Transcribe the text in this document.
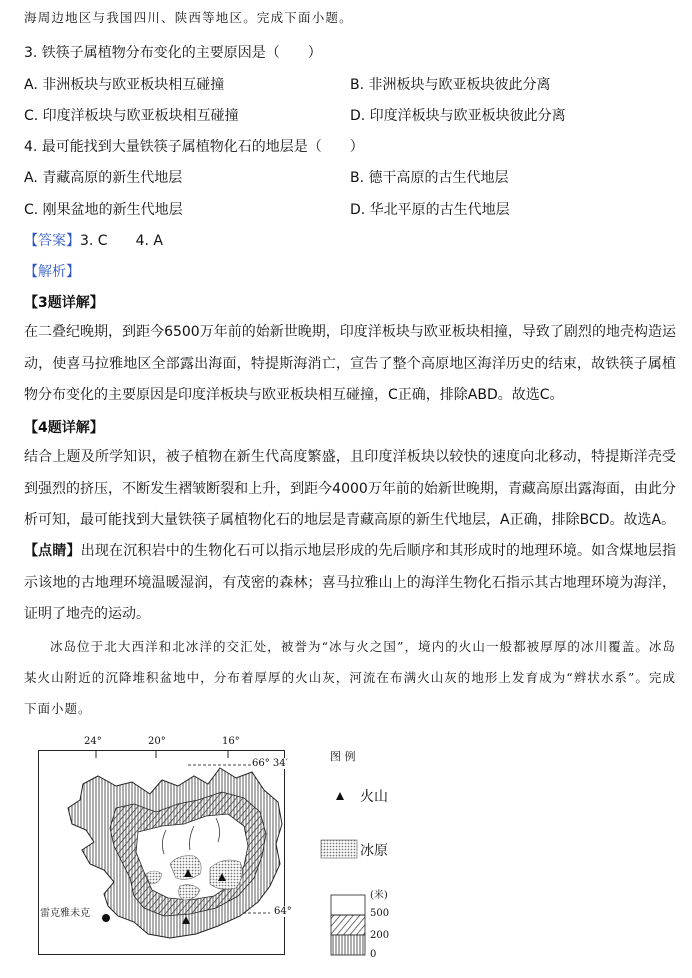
海周边地区与我国四川、陕西等地区。完成下面小题。
3. 铁筷子属植物分布变化的主要原因是（　　）
A. 非洲板块与欧亚板块相互碰撞	B. 非洲板块与欧亚板块彼此分离
C. 印度洋板块与欧亚板块相互碰撞	D. 印度洋板块与欧亚板块彼此分离
4. 最可能找到大量铁筷子属植物化石的地层是（　　）
A. 青藏高原的新生代地层	B. 德干高原的古生代地层
C. 刚果盆地的新生代地层	D. 华北平原的古生代地层
【答案】3. C　　4. A
【解析】
【3题详解】
在二叠纪晚期，到距今6500万年前的始新世晚期，印度洋板块与欧亚板块相撞，导致了剧烈的地壳构造运动，使喜马拉雅地区全部露出海面，特提斯海消亡，宣告了整个高原地区海洋历史的结束，故铁筷子属植物分布变化的主要原因是印度洋板块与欧亚板块相互碰撞，C正确，排除ABD。故选C。
【4题详解】
结合上题及所学知识，被子植物在新生代高度繁盛，且印度洋板块以较快的速度向北移动，特提斯洋壳受到强烈的挤压，不断发生褶皱断裂和上升，到距今4000万年前的始新世晚期，青藏高原出露海面，由此分析可知，最可能找到大量铁筷子属植物化石的地层是青藏高原的新生代地层，A正确，排除BCD。故选A。
【点睛】出现在沉积岩中的生物化石可以指示地层形成的先后顺序和其形成时的地理环境。如含煤地层指示该地的古地理环境温暖湿润，有茂密的森林；喜马拉雅山上的海洋生物化石指示其古地理环境为海洋，证明了地壳的运动。
冰岛位于北大西洋和北冰洋的交汇处，被誉为“冰与火之国”，境内的火山一般都被厚厚的冰川覆盖。冰岛某火山附近的沉降堆积盆地中，分布着厚厚的火山灰，河流在布满火山灰的地形上发育成为“辫状水系”。完成下面小题。
24°	20°	16°
66° 34′
64°
雷克雅未克
图 例
火山
冰原
(米)
500
200
0
